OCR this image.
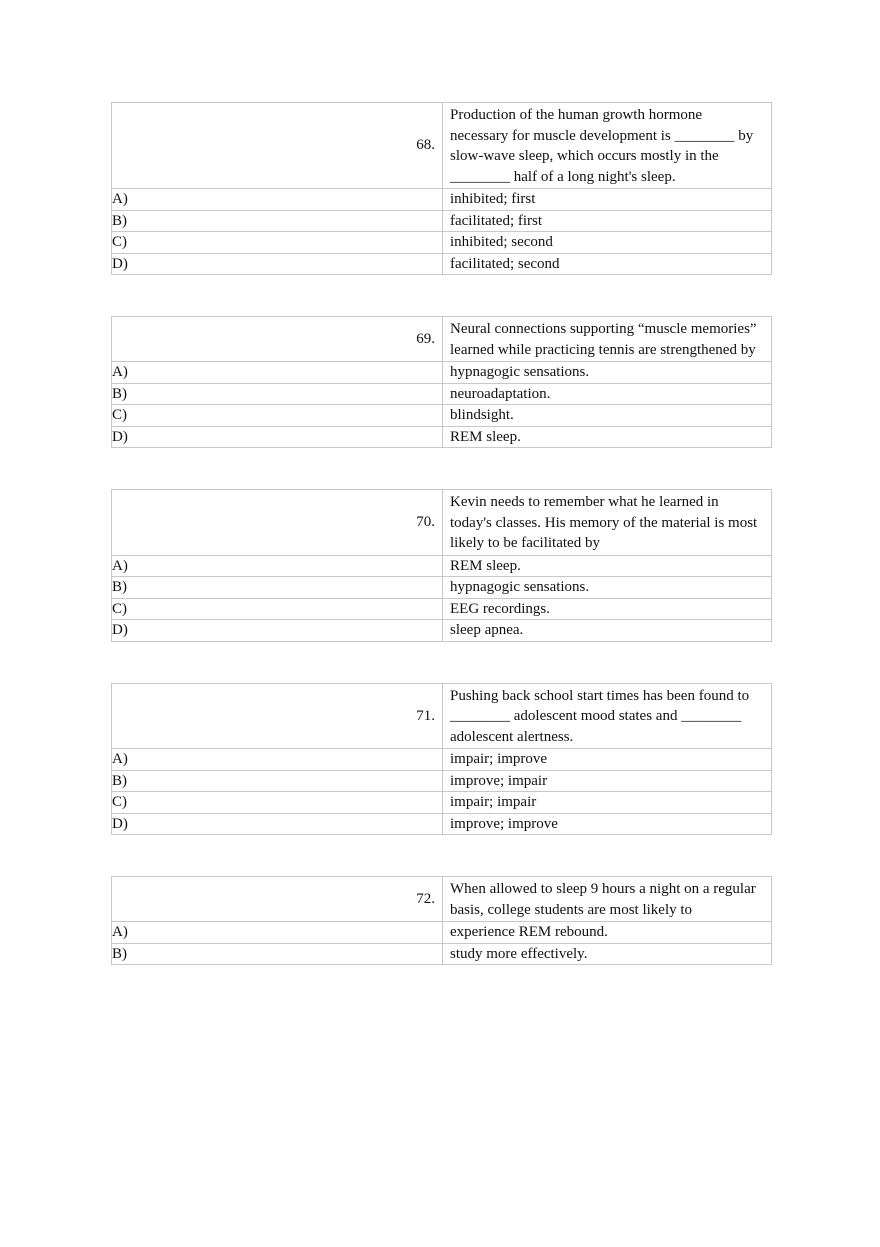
68.	Production of the human growth hormone necessary for muscle development is ________ by slow-wave sleep, which occurs mostly in the ________ half of a long night's sleep.
A)	inhibited; first
B)	facilitated; first
C)	inhibited; second
D)	facilitated; second
69.	Neural connections supporting “muscle memories” learned while practicing tennis are strengthened by
A)	hypnagogic sensations.
B)	neuroadaptation.
C)	blindsight.
D)	REM sleep.
70.	Kevin needs to remember what he learned in today's classes. His memory of the material is most likely to be facilitated by
A)	REM sleep.
B)	hypnagogic sensations.
C)	EEG recordings.
D)	sleep apnea.
71.	Pushing back school start times has been found to ________ adolescent mood states and ________ adolescent alertness.
A)	impair; improve
B)	improve; impair
C)	impair; impair
D)	improve; improve
72.	When allowed to sleep 9 hours a night on a regular basis, college students are most likely to
A)	experience REM rebound.
B)	study more effectively.
